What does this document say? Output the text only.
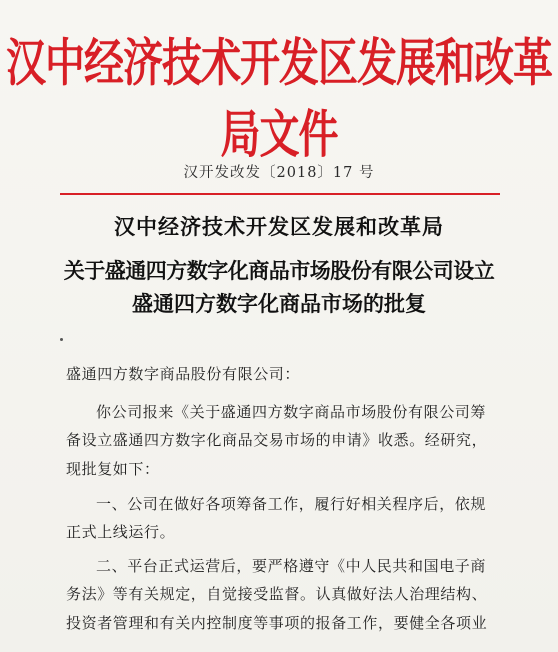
汉中经济技术开发区发展和改革局文件
汉开发改发〔2018〕17 号
汉中经济技术开发区发展和改革局
关于盛通四方数字化商品市场股份有限公司设立
盛通四方数字化商品市场的批复
盛通四方数字商品股份有限公司：
你公司报来《关于盛通四方数字商品市场股份有限公司筹
备设立盛通四方数字化商品交易市场的申请》收悉。经研究，
现批复如下：
一、公司在做好各项筹备工作，履行好相关程序后，依规
正式上线运行。
二、平台正式运营后，要严格遵守《中人民共和国电子商
务法》等有关规定，自觉接受监督。认真做好法人治理结构、
投资者管理和有关内控制度等事项的报备工作，要健全各项业
